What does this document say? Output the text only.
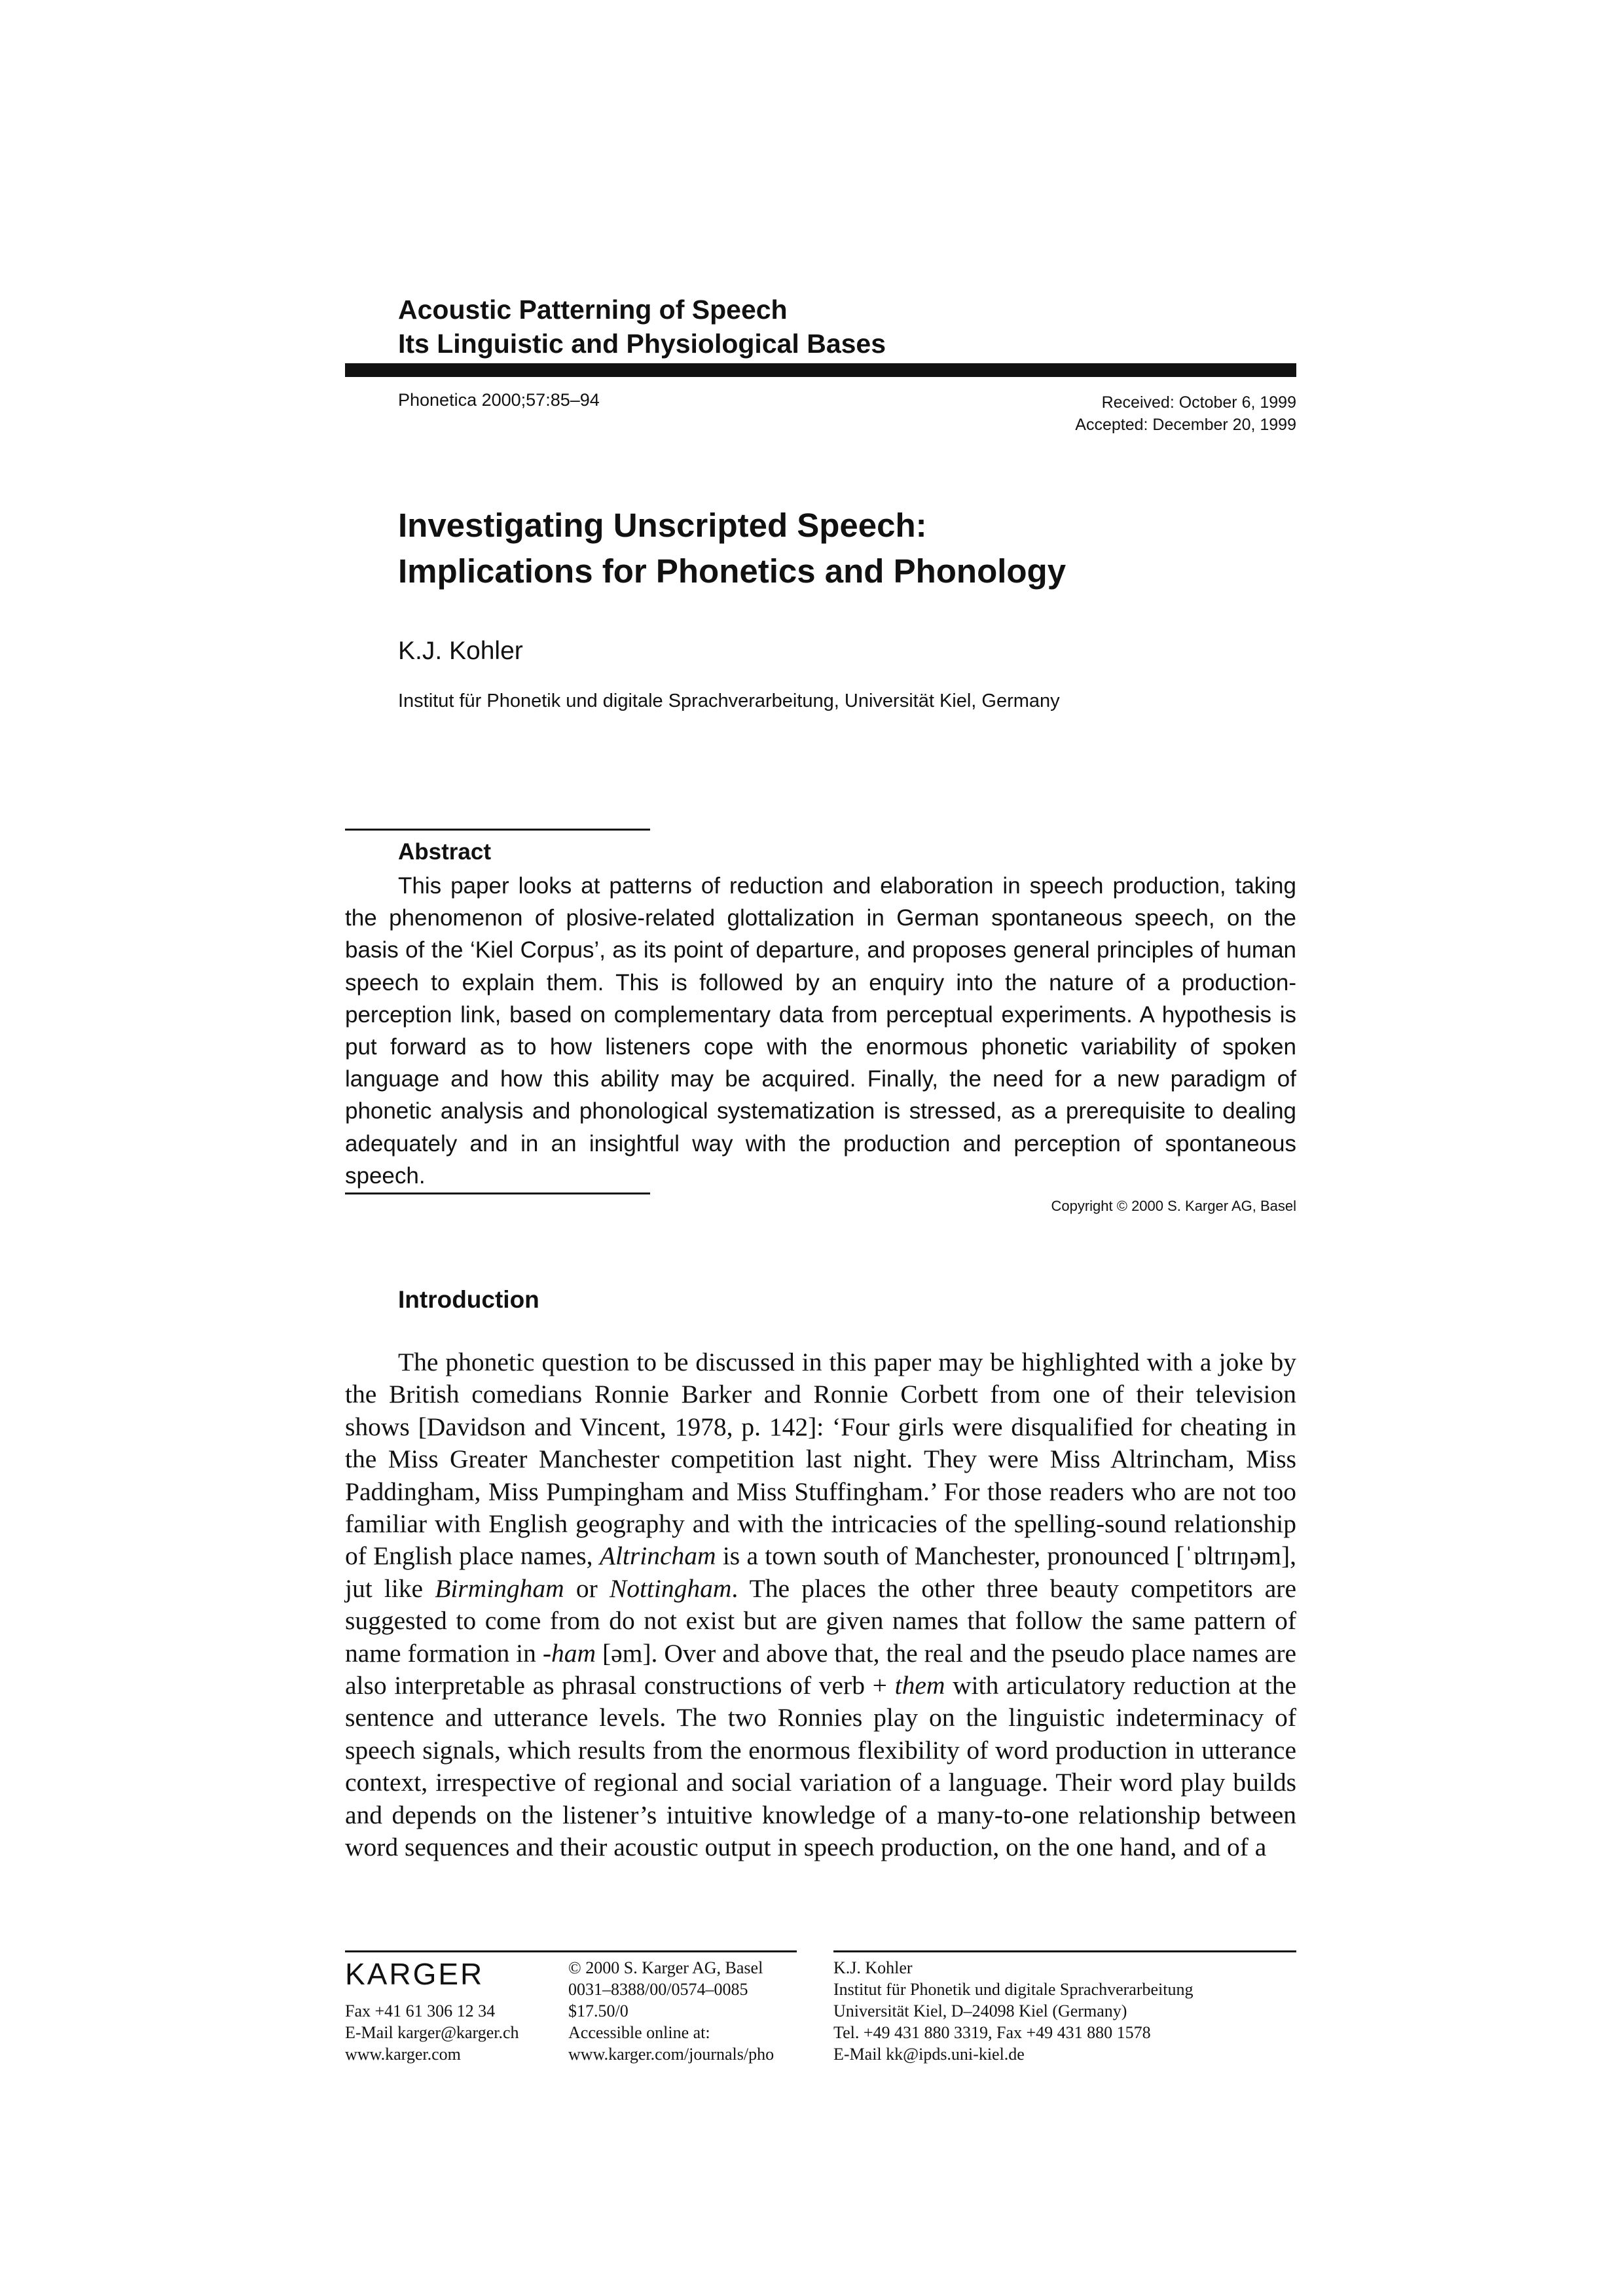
Acoustic Patterning of Speech
Its Linguistic and Physiological Bases
Phonetica 2000;57:85–94	Received: October 6, 1999
Accepted: December 20, 1999
Investigating Unscripted Speech:
Implications for Phonetics and Phonology
K.J. Kohler
Institut für Phonetik und digitale Sprachverarbeitung, Universität Kiel, Germany
Abstract
This paper looks at patterns of reduction and elaboration in speech production, taking the phenomenon of plosive-related glottalization in German spontaneous speech, on the basis of the ‘Kiel Corpus’, as its point of departure, and proposes general principles of human speech to explain them. This is followed by an enquiry into the nature of a production-perception link, based on complementary data from perceptual experiments. A hypothesis is put forward as to how listeners cope with the enormous phonetic variability of spoken language and how this ability may be acquired. Finally, the need for a new paradigm of phonetic analysis and phonological systematization is stressed, as a prerequisite to dealing adequately and in an insightful way with the production and perception of spontaneous speech.
Copyright © 2000 S. Karger AG, Basel
Introduction
The phonetic question to be discussed in this paper may be highlighted with a joke by the British comedians Ronnie Barker and Ronnie Corbett from one of their television shows [Davidson and Vincent, 1978, p. 142]: ‘Four girls were disqualified for cheating in the Miss Greater Manchester competition last night. They were Miss Altrincham, Miss Paddingham, Miss Pumpingham and Miss Stuffingham.’ For those readers who are not too familiar with English geography and with the intricacies of the spelling-sound relationship of English place names, Altrincham is a town south of Manchester, pronounced [ˈɒltrɪŋəm], jut like Birmingham or Nottingham. The places the other three beauty competitors are suggested to come from do not exist but are given names that follow the same pattern of name formation in -ham [əm]. Over and above that, the real and the pseudo place names are also interpretable as phrasal constructions of verb + them with articulatory reduction at the sentence and utterance levels. The two Ronnies play on the linguistic indeterminacy of speech signals, which results from the enormous flexibility of word production in utterance context, irrespective of regional and social variation of a language. Their word play builds and depends on the listener’s intuitive knowledge of a many-to-one relationship between word sequences and their acoustic output in speech production, on the one hand, and of a
KARGER
Fax +41 61 306 12 34
E-Mail karger@karger.ch
www.karger.com
© 2000 S. Karger AG, Basel
0031–8388/00/0574–0085
$17.50/0
Accessible online at:
www.karger.com/journals/pho
K.J. Kohler
Institut für Phonetik und digitale Sprachverarbeitung
Universität Kiel, D–24098 Kiel (Germany)
Tel. +49 431 880 3319, Fax +49 431 880 1578
E-Mail kk@ipds.uni-kiel.de
